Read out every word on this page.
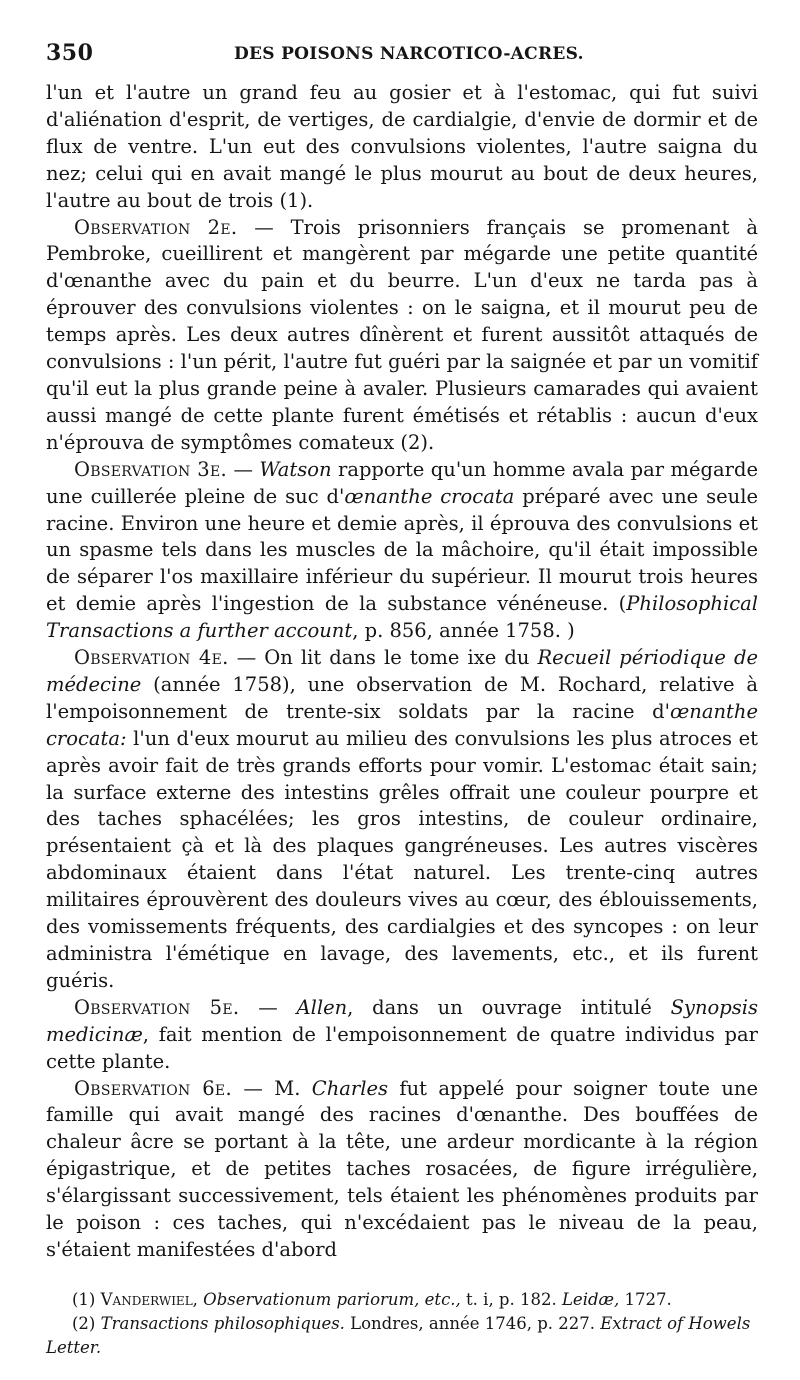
350	DES POISONS NARCOTICO-ACRES.

l'un et l'autre un grand feu au gosier et à l'estomac, qui fut suivi d'aliénation d'esprit, de vertiges, de cardialgie, d'envie de dormir et de flux de ventre. L'un eut des convulsions violentes, l'autre saigna du nez; celui qui en avait mangé le plus mourut au bout de deux heures, l'autre au bout de trois (1).

Observation 2e. — Trois prisonniers français se promenant à Pembroke, cueillirent et mangèrent par mégarde une petite quantité d'œnanthe avec du pain et du beurre. L'un d'eux ne tarda pas à éprouver des convulsions violentes : on le saigna, et il mourut peu de temps après. Les deux autres dînèrent et furent aussitôt attaqués de convulsions : l'un périt, l'autre fut guéri par la saignée et par un vomitif qu'il eut la plus grande peine à avaler. Plusieurs camarades qui avaient aussi mangé de cette plante furent émétisés et rétablis : aucun d'eux n'éprouva de symptômes comateux (2).

Observation 3e. — Watson rapporte qu'un homme avala par mégarde une cuillerée pleine de suc d'œnanthe crocata préparé avec une seule racine. Environ une heure et demie après, il éprouva des convulsions et un spasme tels dans les muscles de la mâchoire, qu'il était impossible de séparer l'os maxillaire inférieur du supérieur. Il mourut trois heures et demie après l'ingestion de la substance vénéneuse. (Philosophical Transactions a further account, p. 856, année 1758. )

Observation 4e. — On lit dans le tome ixe du Recueil périodique de médecine (année 1758), une observation de M. Rochard, relative à l'empoisonnement de trente-six soldats par la racine d'œnanthe crocata: l'un d'eux mourut au milieu des convulsions les plus atroces et après avoir fait de très grands efforts pour vomir. L'estomac était sain; la surface externe des intestins grêles offrait une couleur pourpre et des taches sphacélées; les gros intestins, de couleur ordinaire, présentaient çà et là des plaques gangréneuses. Les autres viscères abdominaux étaient dans l'état naturel. Les trente-cinq autres militaires éprouvèrent des douleurs vives au cœur, des éblouissements, des vomissements fréquents, des cardialgies et des syncopes : on leur administra l'émétique en lavage, des lavements, etc., et ils furent guéris.

Observation 5e. — Allen, dans un ouvrage intitulé Synopsis medicinæ, fait mention de l'empoisonnement de quatre individus par cette plante.

Observation 6e. — M. Charles fut appelé pour soigner toute une famille qui avait mangé des racines d'œnanthe. Des bouffées de chaleur âcre se portant à la tête, une ardeur mordicante à la région épigastrique, et de petites taches rosacées, de figure irrégulière, s'élargissant successivement, tels étaient les phénomènes produits par le poison : ces taches, qui n'excédaient pas le niveau de la peau, s'étaient manifestées d'abord

(1) Vanderwiel, Observationum pariorum, etc., t. i, p. 182. Leidæ, 1727.

(2) Transactions philosophiques. Londres, année 1746, p. 227. Extract of Howels Letter.
